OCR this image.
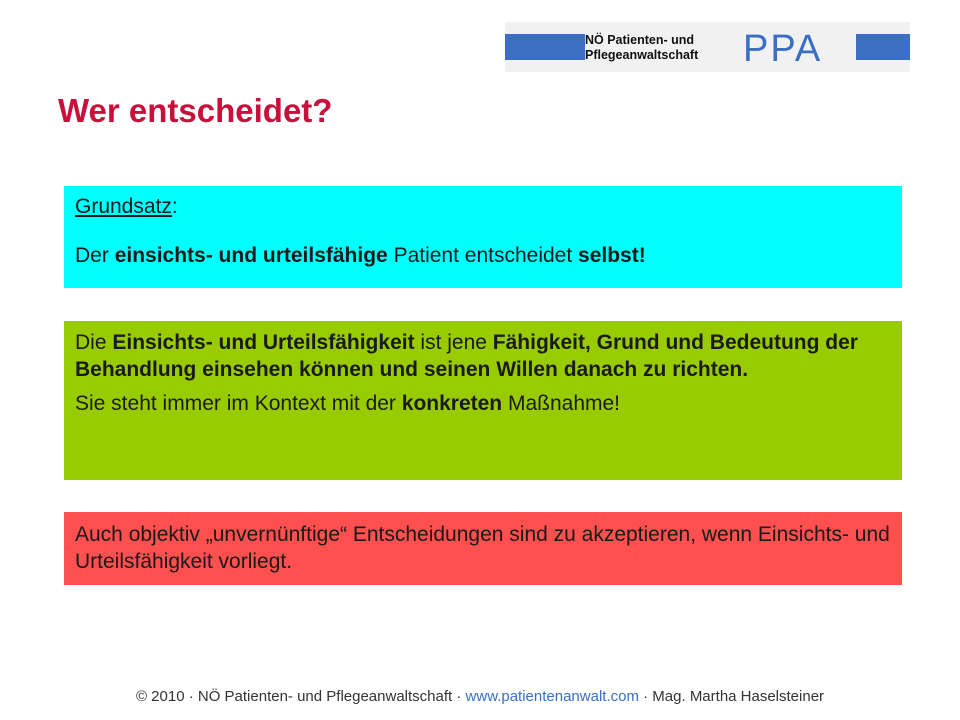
NÖ Patienten- und
Pflegeanwaltschaft	PPA
Wer entscheidet?

Grundsatz:

Der einsichts- und urteilsfähige Patient entscheidet selbst!

Die Einsichts- und Urteilsfähigkeit ist jene Fähigkeit, Grund und Bedeutung der Behandlung einsehen können und seinen Willen danach zu richten.

Sie steht immer im Kontext mit der konkreten Maßnahme!

Auch objektiv „unvernünftige“ Entscheidungen sind zu akzeptieren, wenn Einsichts- und Urteilsfähigkeit vorliegt.

© 2010 · NÖ Patienten- und Pflegeanwaltschaft · www.patientenanwalt.com · Mag. Martha Haselsteiner
